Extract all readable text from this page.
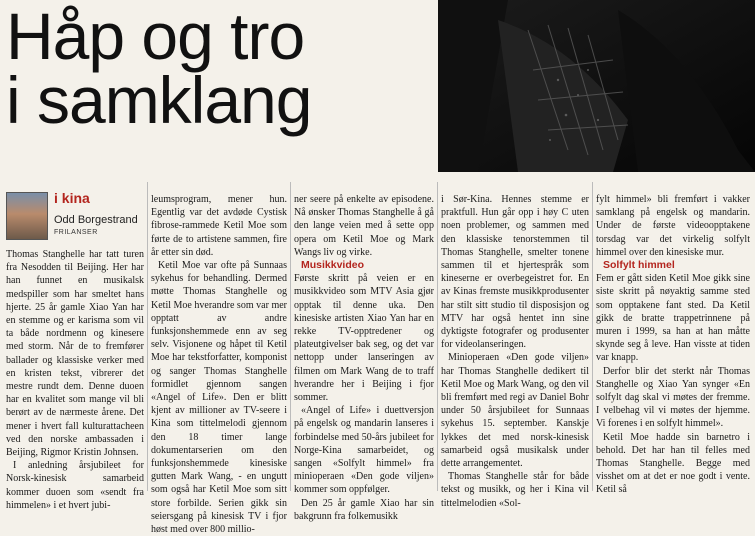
Håp og tro
i samklang
i kina
Odd Borgestrand
FRILANSER

Thomas Stanghelle har tatt turen fra Nesodden til Beijing. Her har han funnet en musikalsk medspiller som har smeltet hans hjerte. 25 år gamle Xiao Yan har en stemme og er karisma som vil ta både nordmenn og kinesere med storm. Når de to fremfører ballader og klassiske verker med en kristen tekst, vibrerer det mestre rundt dem. Denne duoen har en kvalitet som mange vil bli berørt av de nærmeste årene. Det mener i hvert fall kulturattacheen ved den norske ambassaden i Beijing, Rigmor Kristin Johnsen.

I anledning årsjubileet for Norsk-kinesisk samarbeid kommer duoen som «sendt fra himmelen» i et hvert jubi-

leumsprogram, mener hun. Egentlig var det avdøde Cystisk fibrose-rammede Ketil Moe som førte de to artistene sammen, fire år etter sin død.

Ketil Moe var ofte på Sunnaas sykehus for behandling. Dermed møtte Thomas Stanghelle og Ketil Moe hverandre som var mer opptatt av andre funksjonshemmede enn av seg selv. Visjonene og håpet til Ketil Moe har tekstforfatter, komponist og sanger Thomas Stanghelle formidlet gjennom sangen «Angel of Life». Den er blitt kjent av millioner av TV-seere i Kina som tittelmelodi gjennom den 18 timer lange dokumentarserien om den funksjonshemmede kinesiske gutten Mark Wang, - en ungutt som også har Ketil Moe som sitt store forbilde. Serien gikk sin seiersgang på kinesisk TV i fjor høst med over 800 millio-

ner seere på enkelte av episodene. Nå ønsker Thomas Stanghelle å gå den lange veien med å sette opp opera om Ketil Moe og Mark Wangs liv og virke.

Musikkvideo

Første skritt på veien er en musikkvideo som MTV Asia gjør opptak til denne uka. Den kinesiske artisten Xiao Yan har en rekke TV-opptredener og plateutgivelser bak seg, og det var nettopp under lanseringen av filmen om Mark Wang de to traff hverandre her i Beijing i fjor sommer.

«Angel of Life» i duettversjon på engelsk og mandarin lanseres i forbindelse med 50-års jubileet for Norge-Kina samarbeidet, og sangen «Solfylt himmel» fra minioperaen «Den gode viljen» kommer som oppfølger.

Den 25 år gamle Xiao har sin bakgrunn fra folkemusikk

i Sør-Kina. Hennes stemme er praktfull. Hun går opp i høy C uten noen problemer, og sammen med den klassiske tenorstemmen til Thomas Stanghelle, smelter tonene sammen til et hjertespråk som kineserne er overbegeistret for. En av Kinas fremste musikkprodusenter har stilt sitt studio til disposisjon og MTV har også hentet inn sine dyktigste fotografer og produsenter for videolanseringen.

Minioperaen «Den gode viljen» har Thomas Stanghelle dedikert til Ketil Moe og Mark Wang, og den vil bli fremført med regi av Daniel Bohr under 50 årsjubileet for Sunnaas sykehus 15. september. Kanskje lykkes det med norsk-kinesisk samarbeid også musikalsk under dette arrangementet.

Thomas Stanghelle står for både tekst og musikk, og her i Kina vil tittelmelodien «Sol-

fylt himmel» bli fremført i vakker samklang på engelsk og mandarin. Under de første videoopptakene torsdag var det virkelig solfylt himmel over den kinesiske mur.

Solfylt himmel

Fem er gått siden Ketil Moe gikk sine siste skritt på nøyaktig samme sted som opptakene fant sted. Da Ketil gikk de bratte trappetrinnene på muren i 1999, sa han at han måtte skynde seg å leve. Han visste at tiden var knapp.

Derfor blir det sterkt når Thomas Stanghelle og Xiao Yan synger «En solfylt dag skal vi møtes der fremme. I velbehag vil vi møtes der hjemme. Vi forenes i en solfylt himmel».

Ketil Moe hadde sin barnetro i behold. Det har han til felles med Thomas Stanghelle. Begge med visshet om at det er noe godt i vente. Ketil så
